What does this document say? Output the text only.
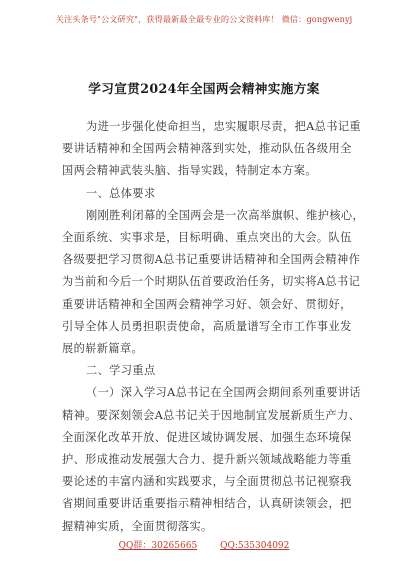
关注头条号"公文研究"，获得最新最全最专业的公文资料库！ 微信：gongwenyj
学习宣贯2024年全国两会精神实施方案
为进一步强化使命担当，忠实履职尽责，把A总书记重
要讲话精神和全国两会精神落到实处，推动队伍各级用全
国两会精神武装头脑、指导实践，特制定本方案。
一、总体要求
刚刚胜利闭幕的全国两会是一次高举旗帜、维护核心，
全面系统、实事求是，目标明确、重点突出的大会。队伍
各级要把学习贯彻A总书记重要讲话精神和全国两会精神作
为当前和今后一个时期队伍首要政治任务，切实将A总书记
重要讲话精神和全国两会精神学习好、领会好、贯彻好，
引导全体人员勇担职责使命，高质量谱写全市工作事业发
展的崭新篇章。
二、学习重点
（一）深入学习A总书记在全国两会期间系列重要讲话
精神。要深刻领会A总书记关于因地制宜发展新质生产力、
全面深化改革开放、促进区域协调发展、加强生态环境保
护、形成推动发展强大合力、提升新兴领域战略能力等重
要论述的丰富内涵和实践要求，与全面贯彻总书记视察我
省期间重要讲话重要指示精神相结合，认真研读领会，把
握精神实质，全面贯彻落实。
QQ群：30265665	QQ:535304092
